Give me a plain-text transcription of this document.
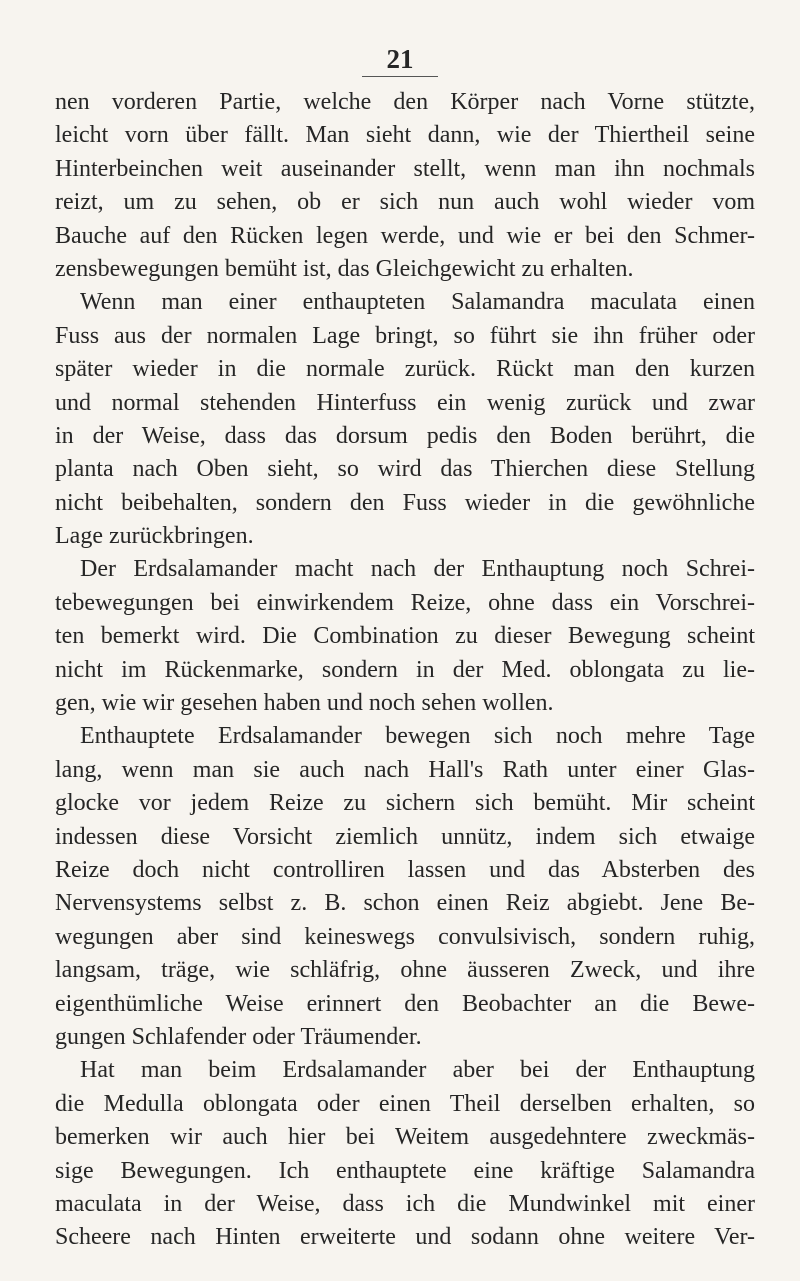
21
nen vorderen Partie, welche den Körper nach Vorne stützte,
leicht vorn über fällt. Man sieht dann, wie der Thiertheil seine
Hinterbeinchen weit auseinander stellt, wenn man ihn nochmals
reizt, um zu sehen, ob er sich nun auch wohl wieder vom
Bauche auf den Rücken legen werde, und wie er bei den Schmer-
zensbewegungen bemüht ist, das Gleichgewicht zu erhalten.
Wenn man einer enthaupteten Salamandra maculata einen
Fuss aus der normalen Lage bringt, so führt sie ihn früher oder
später wieder in die normale zurück. Rückt man den kurzen
und normal stehenden Hinterfuss ein wenig zurück und zwar
in der Weise, dass das dorsum pedis den Boden berührt, die
planta nach Oben sieht, so wird das Thierchen diese Stellung
nicht beibehalten, sondern den Fuss wieder in die gewöhnliche
Lage zurückbringen.
Der Erdsalamander macht nach der Enthauptung noch Schrei-
tebewegungen bei einwirkendem Reize, ohne dass ein Vorschrei-
ten bemerkt wird. Die Combination zu dieser Bewegung scheint
nicht im Rückenmarke, sondern in der Med. oblongata zu lie-
gen, wie wir gesehen haben und noch sehen wollen.
Enthauptete Erdsalamander bewegen sich noch mehre Tage
lang, wenn man sie auch nach Hall's Rath unter einer Glas-
glocke vor jedem Reize zu sichern sich bemüht. Mir scheint
indessen diese Vorsicht ziemlich unnütz, indem sich etwaige
Reize doch nicht controlliren lassen und das Absterben des
Nervensystems selbst z. B. schon einen Reiz abgiebt. Jene Be-
wegungen aber sind keineswegs convulsivisch, sondern ruhig,
langsam, träge, wie schläfrig, ohne äusseren Zweck, und ihre
eigenthümliche Weise erinnert den Beobachter an die Bewe-
gungen Schlafender oder Träumender.
Hat man beim Erdsalamander aber bei der Enthauptung
die Medulla oblongata oder einen Theil derselben erhalten, so
bemerken wir auch hier bei Weitem ausgedehntere zweckmäs-
sige Bewegungen. Ich enthauptete eine kräftige Salamandra
maculata in der Weise, dass ich die Mundwinkel mit einer
Scheere nach Hinten erweiterte und sodann ohne weitere Ver-
